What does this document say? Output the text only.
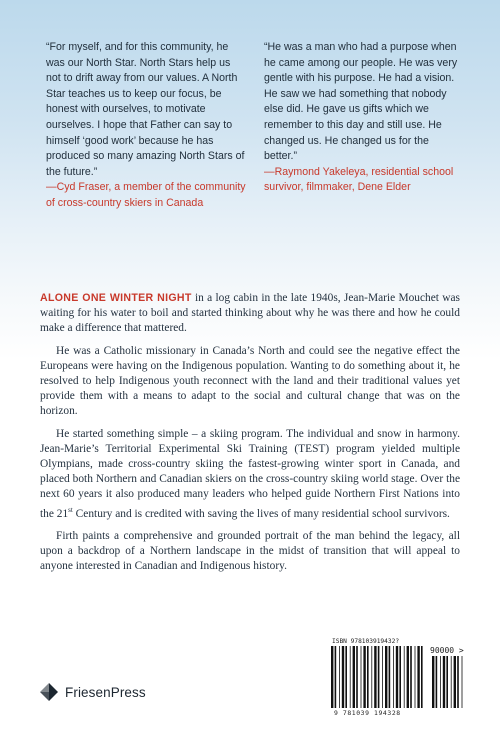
“For myself, and for this community, he was our North Star. North Stars help us not to drift away from our values. A North Star teaches us to keep our focus, be honest with ourselves, to motivate ourselves. I hope that Father can say to himself ‘good work’ because he has produced so many amazing North Stars of the future.”

—Cyd Fraser, a member of the community of cross-country skiers in Canada

“He was a man who had a purpose when he came among our people. He was very gentle with his purpose. He had a vision. He saw we had something that nobody else did. He gave us gifts which we remember to this day and still use. He changed us. He changed us for the better.”

—Raymond Yakeleya, residential school survivor, filmmaker, Dene Elder

ALONE ONE WINTER NIGHT in a log cabin in the late 1940s, Jean-Marie Mouchet was waiting for his water to boil and started thinking about why he was there and how he could make a difference that mattered.

He was a Catholic missionary in Canada’s North and could see the negative effect the Europeans were having on the Indigenous population. Wanting to do something about it, he resolved to help Indigenous youth reconnect with the land and their traditional values yet provide them with a means to adapt to the social and cultural change that was on the horizon.

He started something simple – a skiing program. The individual and snow in harmony. Jean-Marie’s Territorial Experimental Ski Training (TEST) program yielded multiple Olympians, made cross-country skiing the fastest-growing winter sport in Canada, and placed both Northern and Canadian skiers on the cross-country skiing world stage. Over the next 60 years it also produced many leaders who helped guide Northern First Nations into the 21st Century and is credited with saving the lives of many residential school survivors.

Firth paints a comprehensive and grounded portrait of the man behind the legacy, all upon a backdrop of a Northern landscape in the midst of transition that will appeal to anyone interested in Canadian and Indigenous history.

FriesenPress
ISBN 978103919432?
90000 >
9 781039 194328
